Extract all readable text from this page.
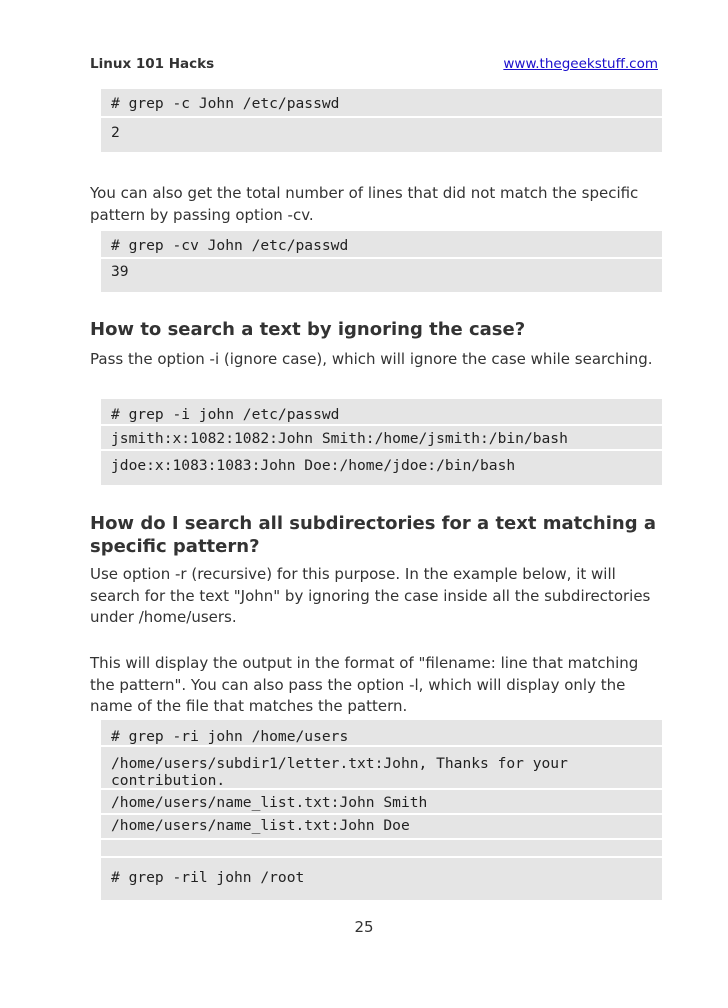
Linux 101 Hacks	www.thegeekstuff.com
# grep -c John /etc/passwd
2

You can also get the total number of lines that did not match the specific pattern by passing option -cv.

# grep -cv John /etc/passwd
39
How to search a text by ignoring the case?

Pass the option -i (ignore case), which will ignore the case while searching.

# grep -i john /etc/passwd
jsmith:x:1082:1082:John Smith:/home/jsmith:/bin/bash
jdoe:x:1083:1083:John Doe:/home/jdoe:/bin/bash
How do I search all subdirectories for a text matching a specific pattern?

Use option -r (recursive) for this purpose. In the example below, it will search for the text "John" by ignoring the case inside all the subdirectories under /home/users.

This will display the output in the format of "filename: line that matching the pattern". You can also pass the option -l, which will display only the name of the file that matches the pattern.

# grep -ri john /home/users
/home/users/subdir1/letter.txt:John, Thanks for your
contribution.
/home/users/name_list.txt:John Smith
/home/users/name_list.txt:John Doe
# grep -ril john /root
25
